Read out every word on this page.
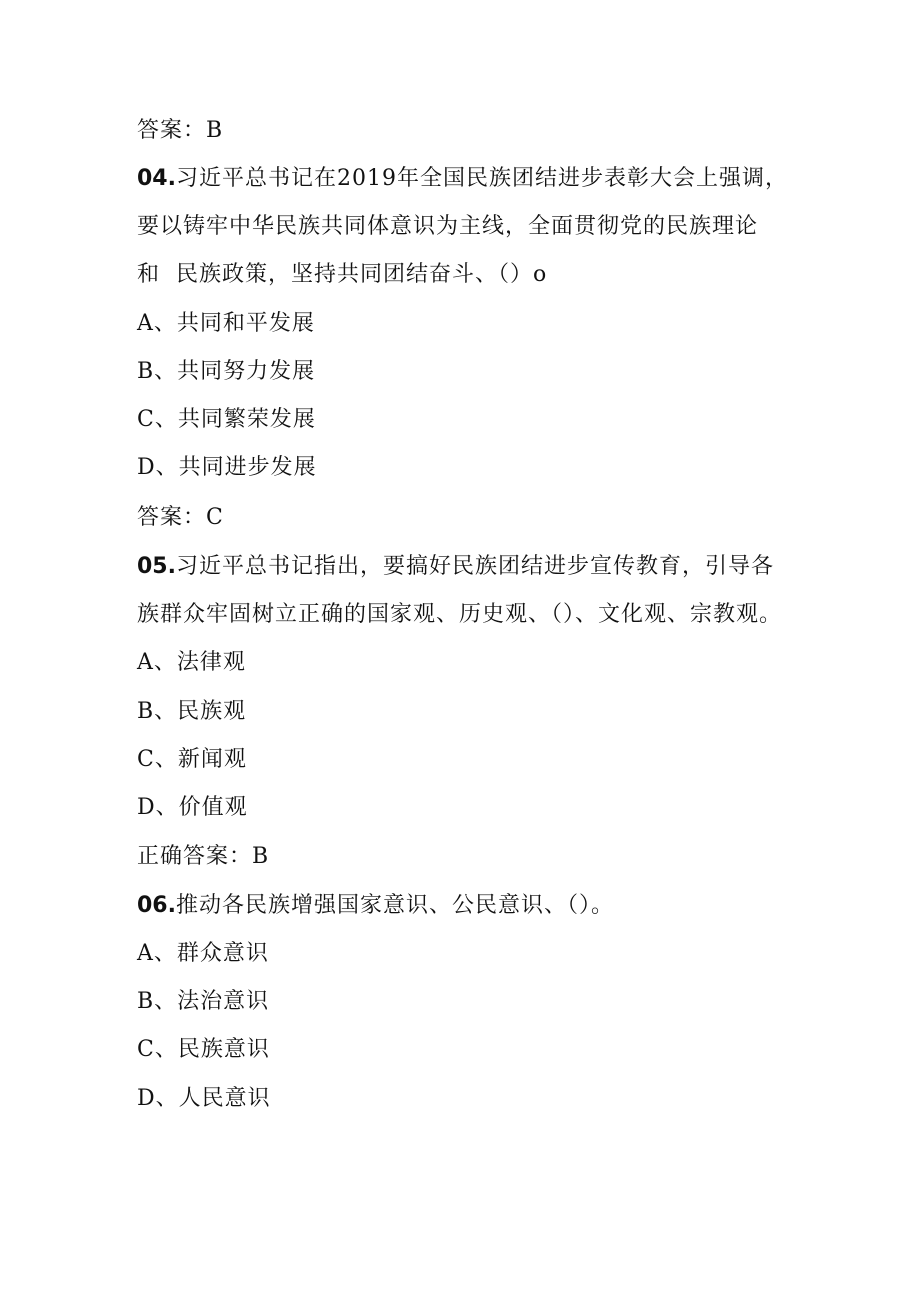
答案：B
04.习近平总书记在2019年全国民族团结进步表彰大会上强调，
要以铸牢中华民族共同体意识为主线，全面贯彻党的民族理论
和  民族政策，坚持共同团结奋斗、（）o
A、共同和平发展
B、共同努力发展
C、共同繁荣发展
D、共同进步发展
答案：C
05.习近平总书记指出，要搞好民族团结进步宣传教育，引导各
族群众牢固树立正确的国家观、历史观、（）、文化观、宗教观。
A、法律观
B、民族观
C、新闻观
D、价值观
正确答案：B
06.推动各民族增强国家意识、公民意识、（）。
A、群众意识
B、法治意识
C、民族意识
D、人民意识
